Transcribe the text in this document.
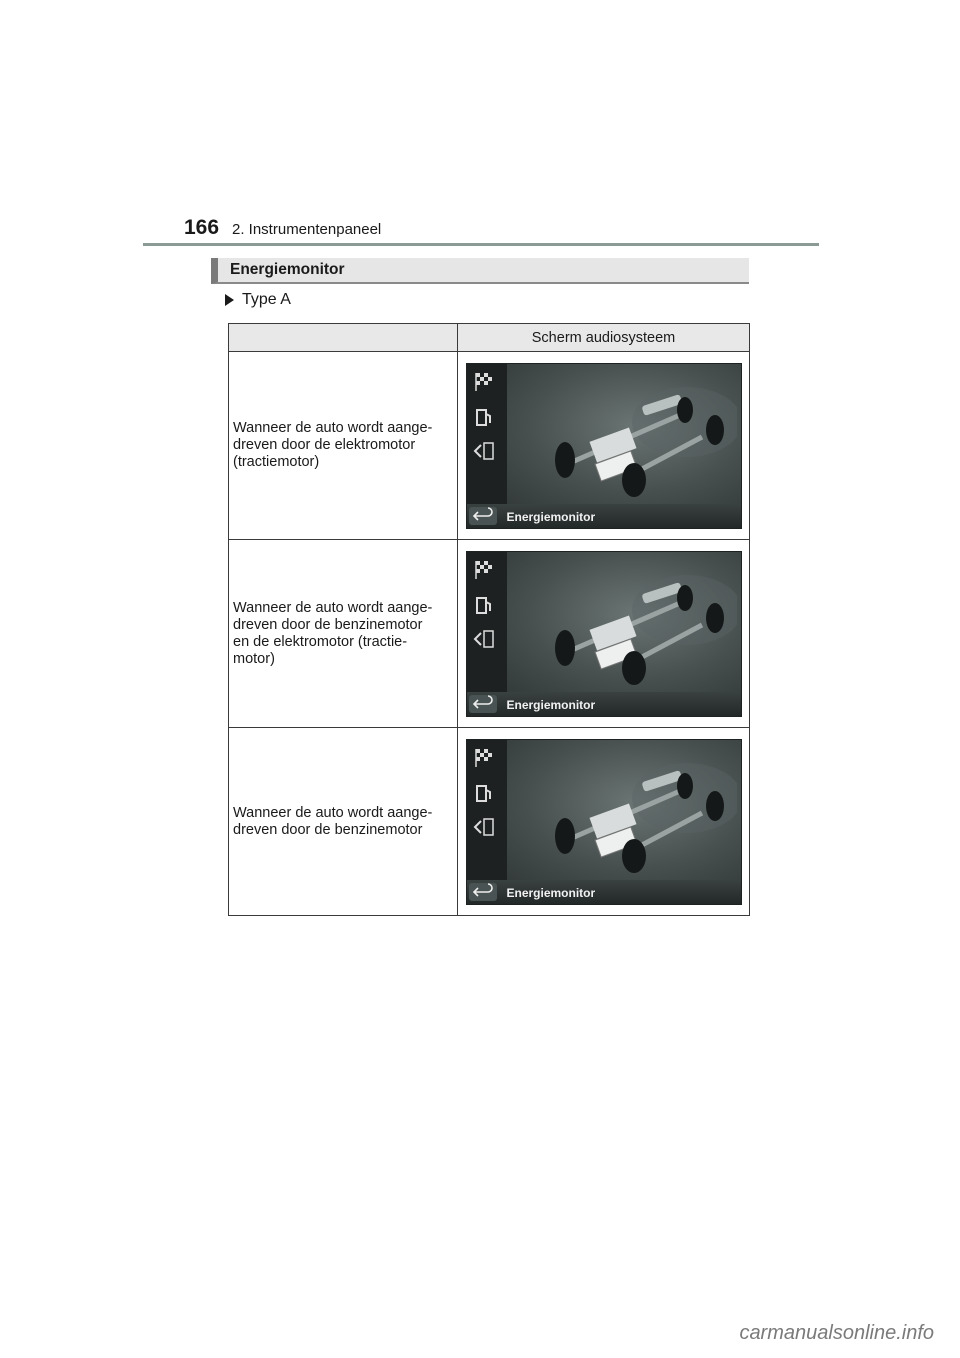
166 2. Instrumentenpaneel
Energiemonitor
Type A
	Scherm audiosysteem
Wanneer de auto wordt aange-
dreven door de elektromotor
(tractiemotor)	Energiemonitor

Wanneer de auto wordt aange-
dreven door de benzinemotor
en de elektromotor (tractie-
motor)	Energiemonitor

Wanneer de auto wordt aange-
dreven door de benzinemotor	Energiemonitor
carmanualsonline.info
